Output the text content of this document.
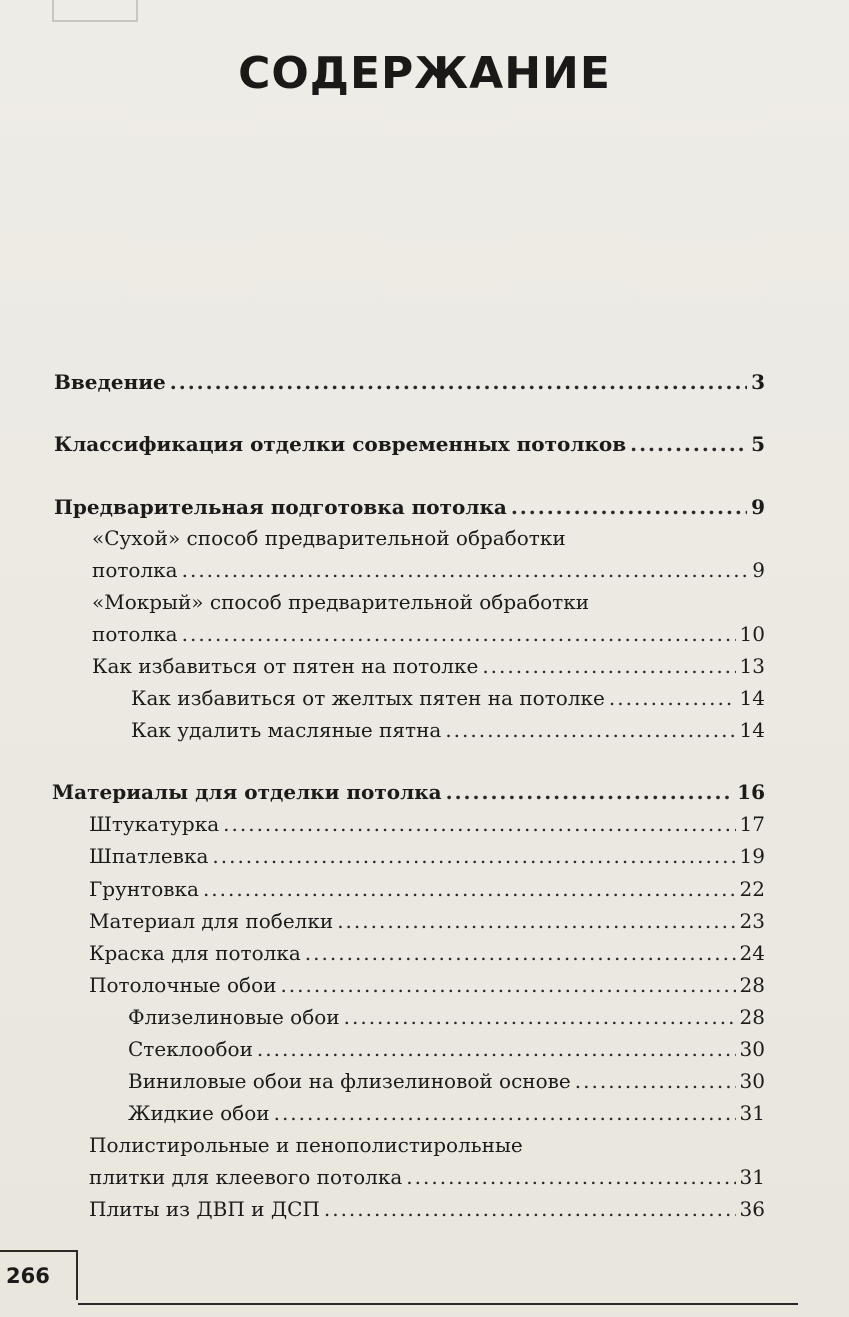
СОДЕРЖАНИЕ
Введение .....	3
Классификация отделки современных потолков .....	5
Предварительная подготовка потолка .....	9
«Сухой» способ предварительной обработки
потолка .....	9
«Мокрый» способ предварительной обработки
потолка .....	10
Как избавиться от пятен на потолке .....	13
Как избавиться от желтых пятен на потолке .....	14
Как удалить масляные пятна .....	14
Материалы для отделки потолка .....	16
Штукатурка .....	17
Шпатлевка .....	19
Грунтовка .....	22
Материал для побелки .....	23
Краска для потолка .....	24
Потолочные обои .....	28
Флизелиновые обои .....	28
Стеклообои .....	30
Виниловые обои на флизелиновой основе .....	30
Жидкие обои .....	31
Полистирольные и пенополистирольные
плитки для клеевого потолка .....	31
Плиты из ДВП и ДСП .....	36
266
